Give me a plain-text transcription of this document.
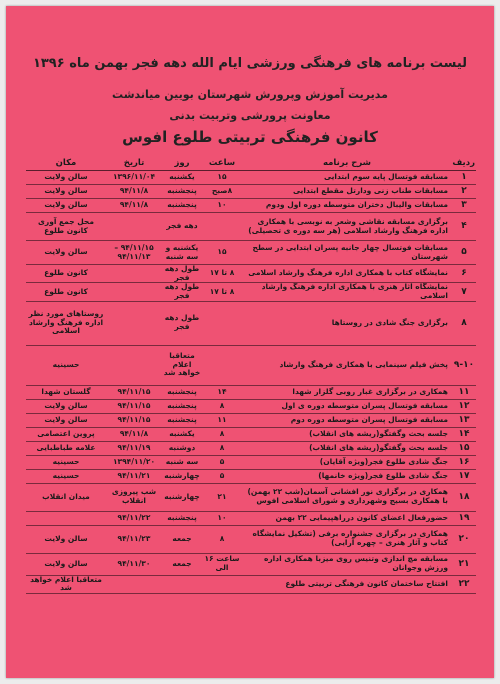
لیست برنامه های فرهنگی ورزشی ایام الله دهه فجر بهمن ماه ۱۳۹۶
مدیریت آموزش وپرورش شهرستان بویین میاندشت
معاونت پرورشی وتربیت بدنی
کانون فرهنگی تربیتی طلوع افوس
ردیف	شرح برنامه	ساعت	روز	تاریخ	مکان
۱	مسابقه فوتسال پایه سوم ابتدایی	۱۵	یکشنبه	۱۳۹۶/۱۱/۰۴	سالن ولایت
۲	مسابقات طناب زنی ودارتل مقطع ابتدایی	۸صبح	پنجشنبه	۹۴/۱۱/۸	سالن ولایت
۳	مسابقات والیبال دختران متوسطه دوره اول ودوم	۱۰	پنجشنبه	۹۴/۱۱/۸	سالن ولایت
۴	برگزاری مسابقه نقاشی وشعر به نوبسی با همکاری اداره فرهنگ وارشاد اسلامی (هر سه دوره ی تحصیلی)		دهه فجر		محل جمع آوری کانون طلوع
۵	مسابقات فوتسال چهار جانبه پسران ابتدایی در سطح شهرستان	۱۵	یکشنبه و سه شنبه	۹۴/۱۱/۱۵ – ۹۴/۱۱/۱۳	سالن ولایت
۶	نمایشگاه کتاب با همکاری اداره فرهنگ وارشاد اسلامی	۸ تا ۱۷	طول دهه فجر		کانون طلوع
۷	نمایشگاه آثار هنری با همکاری اداره فرهنگ وارشاد اسلامی	۸ تا ۱۷	طول دهه فجر		کانون طلوع
۸	برگزاری جنگ شادی در روستاها		طول دهه فجر		روستاهای مورد نظر اداره فرهنگ وارشاد اسلامی
۹-۱۰	پخش فیلم سینمایی با همکاری فرهنگ وارشاد		متعاقبا اعلام خواهد شد		حسینیه
۱۱	همکاری در برگزاری غبار روبی گلزار شهدا	۱۴	پنجشنبه	۹۴/۱۱/۱۵	گلستان شهدا
۱۲	مسابقه فوتسال پسران متوسطه دوره ی اول	۸	پنجشنبه	۹۴/۱۱/۱۵	سالن ولایت
۱۳	مسابقه فوتسال پسران متوسطه دوره دوم	۱۱	پنجشنبه	۹۴/۱۱/۱۵	سالن ولایت
۱۴	جلسه بحث وگفتگو(ریشه های انقلاب)	۸	یکشنبه	۹۴/۱۱/۸	پروین اعتصامی
۱۵	جلسه بحث وگفتگو(ریشه های انقلاب)	۸	دوشنبه	۹۴/۱۱/۱۹	علامه طباطبایی
۱۶	جنگ شادی طلوع فجر(ویژه آقایان)	۵	سه شنبه	۱۳۹۴/۱۱/۲۰	حسینیه
۱۷	جنگ شادی طلوع فجر(ویژه خانمها)	۵	چهارشنبه	۹۴/۱۱/۲۱	حسینیه
۱۸	همکاری در برگزاری نور افشانی آسمان(شب ۲۲ بهمن) با همکاری بسیج وشهرداری و شورای اسلامی افوس	۲۱	چهارشنبه	شب پیروزی انقلاب	میدان انقلاب
۱۹	حضورفعال اعضای کانون درراهپیمایی ۲۲ بهمن	۱۰	پنجشنبه	۹۴/۱۱/۲۲	
۲۰	همکاری در برگزاری جشنواره برفی (تشکیل نمایشگاه کتاب و آثار هنری – چهره آرایی)	۸	جمعه	۹۴/۱۱/۲۳	سالن ولایت
۲۱	مسابقه مچ اندازی وتنیس روی میزبا همکاری اداره ورزش وجوانان	ساعت ۱۶ الی	جمعه	۹۴/۱۱/۳۰	سالن ولایت
۲۲	افتتاح ساختمان کانون فرهنگی تربیتی طلوع				متعاقبا اعلام خواهد شد
